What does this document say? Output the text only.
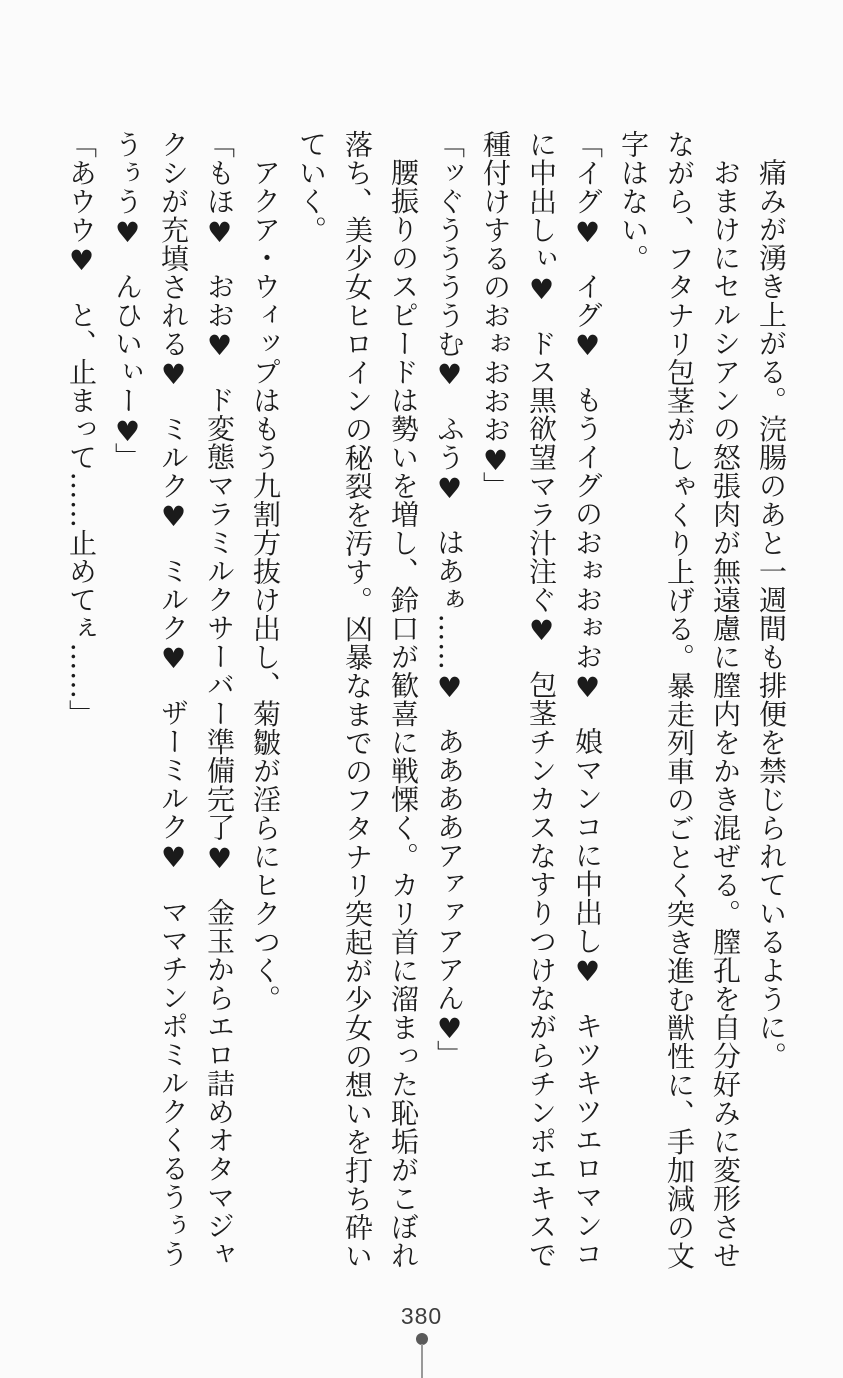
痛みが湧き上がる。浣腸のあと一週間も排便を禁じられているように。

おまけにセルシアンの怒張肉が無遠慮に膣内をかき混ぜる。膣孔を自分好みに変形させながら、フタナリ包茎がしゃくり上げる。暴走列車のごとく突き進む獣性に、手加減の文字はない。

「イグ♥　イグ♥　もうイグのおぉおぉお♥　娘マンコに中出し♥　キツキツエロマンコに中出しぃ♥　ドス黒欲望マラ汁注ぐ♥　包茎チンカスなすりつけながらチンポエキスで種付けするのおぉおおお♥」

「ッぐううううむ♥　ふう♥　はあぁ……♥　ああああアァァアアん♥」

腰振りのスピードは勢いを増し、鈴口が歓喜に戦慄く。カリ首に溜まった恥垢がこぼれ落ち、美少女ヒロインの秘裂を汚す。凶暴なまでのフタナリ突起が少女の想いを打ち砕いていく。

アクア・ウィップはもう九割方抜け出し、菊皺が淫らにヒクつく。

「もほ♥　おお♥　ド変態マラミルクサーバー準備完了♥　金玉からエロ詰めオタマジャクシが充填される♥　ミルク♥　ミルク♥　ザーミルク♥　ママチンポミルクくるうぅううぅう♥　んひいぃー♥」

「あウウ♥　と、止まって……止めてぇ……」

380
